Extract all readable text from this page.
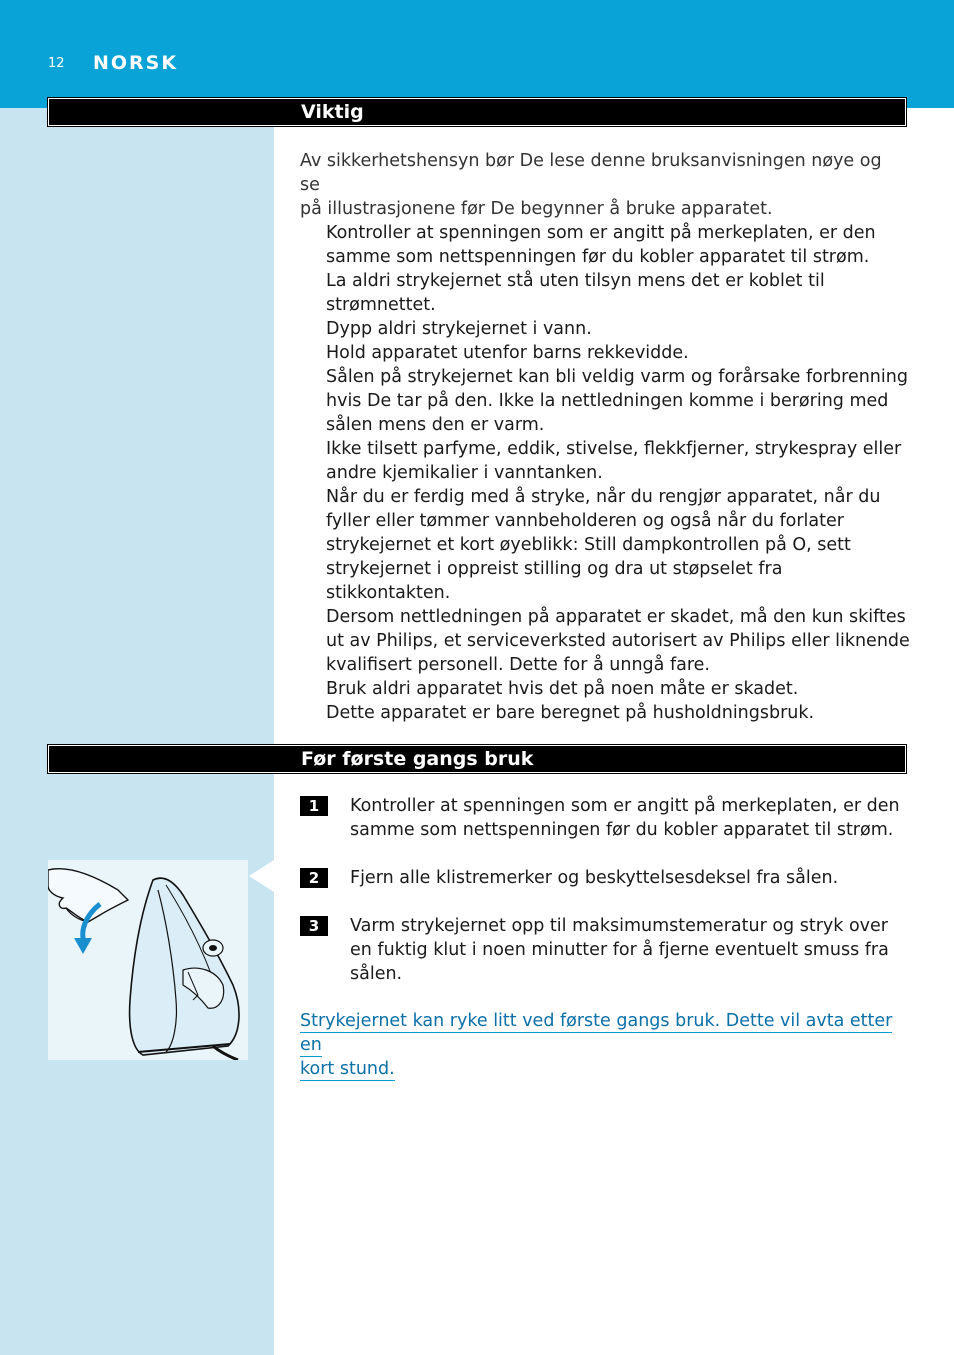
12 NORSK
Viktig
Av sikkerhetshensyn bør De lese denne bruksanvisningen nøye og se
på illustrasjonene før De begynner å bruke apparatet.
Kontroller at spenningen som er angitt på merkeplaten, er den
samme som nettspenningen før du kobler apparatet til strøm.
La aldri strykejernet stå uten tilsyn mens det er koblet til
strømnettet.
Dypp aldri strykejernet i vann.
Hold apparatet utenfor barns rekkevidde.
Sålen på strykejernet kan bli veldig varm og forårsake forbrenning
hvis De tar på den. Ikke la nettledningen komme i berøring med
sålen mens den er varm.
Ikke tilsett parfyme, eddik, stivelse, flekkfjerner, strykespray eller
andre kjemikalier i vanntanken.
Når du er ferdig med å stryke, når du rengjør apparatet, når du
fyller eller tømmer vannbeholderen og også når du forlater
strykejernet et kort øyeblikk: Still dampkontrollen på O, sett
strykejernet i oppreist stilling og dra ut støpselet fra
stikkontakten.
Dersom nettledningen på apparatet er skadet, må den kun skiftes
ut av Philips, et serviceverksted autorisert av Philips eller liknende
kvalifisert personell. Dette for å unngå fare.
Bruk aldri apparatet hvis det på noen måte er skadet.
Dette apparatet er bare beregnet på husholdningsbruk.
Før første gangs bruk
1	Kontroller at spenningen som er angitt på merkeplaten, er den
samme som nettspenningen før du kobler apparatet til strøm.
2	Fjern alle klistremerker og beskyttelsesdeksel fra sålen.
3	Varm strykejernet opp til maksimumstemeratur og stryk over
en fuktig klut i noen minutter for å fjerne eventuelt smuss fra
sålen.
Strykejernet kan ryke litt ved første gangs bruk. Dette vil avta etter en
kort stund.
